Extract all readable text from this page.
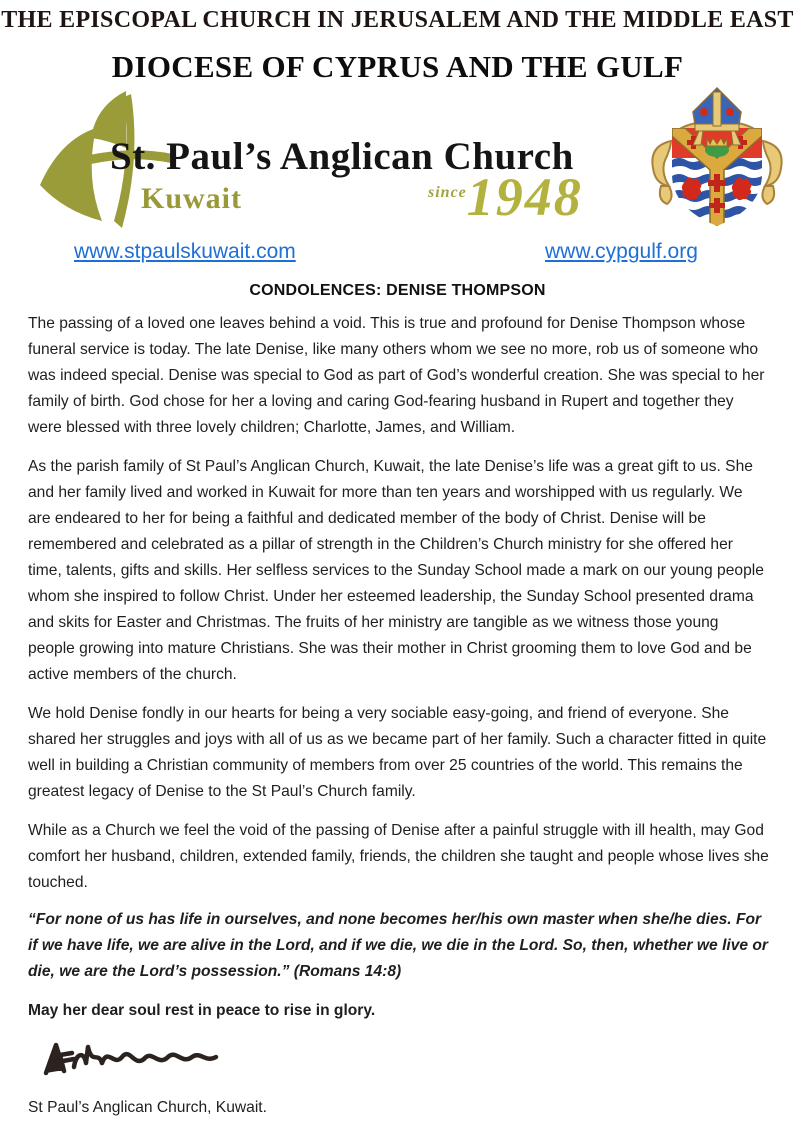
THE EPISCOPAL CHURCH IN JERUSALEM AND THE MIDDLE EAST
DIOCESE OF CYPRUS AND THE GULF
St. Paul’s Anglican Church
Kuwait	since1948
www.stpaulskuwait.com	www.cypgulf.org
CONDOLENCES: DENISE THOMPSON

The passing of a loved one leaves behind a void. This is true and profound for Denise Thompson whose funeral service is today. The late Denise, like many others whom we see no more, rob us of someone who was indeed special. Denise was special to God as part of God’s wonderful creation. She was special to her family of birth. God chose for her a loving and caring God-fearing husband in Rupert and together they were blessed with three lovely children; Charlotte, James, and William.

As the parish family of St Paul’s Anglican Church, Kuwait, the late Denise’s life was a great gift to us. She and her family lived and worked in Kuwait for more than ten years and worshipped with us regularly. We are endeared to her for being a faithful and dedicated member of the body of Christ. Denise will be remembered and celebrated as a pillar of strength in the Children’s Church ministry for she offered her time, talents, gifts and skills. Her selfless services to the Sunday School made a mark on our young people whom she inspired to follow Christ. Under her esteemed leadership, the Sunday School presented drama and skits for Easter and Christmas. The fruits of her ministry are tangible as we witness those young people growing into mature Christians. She was their mother in Christ grooming them to love God and be active members of the church.

We hold Denise fondly in our hearts for being a very sociable easy-going, and friend of everyone. She shared her struggles and joys with all of us as we became part of her family. Such a character fitted in quite well in building a Christian community of members from over 25 countries of the world. This remains the greatest legacy of Denise to the St Paul’s Church family.

While as a Church we feel the void of the passing of Denise after a painful struggle with ill health, may God comfort her husband, children, extended family, friends, the children she taught and people whose lives she touched.

“For none of us has life in ourselves, and none becomes her/his own master when she/he dies. For if we have life, we are alive in the Lord, and if we die, we die in the Lord. So, then, whether we live or die, we are the Lord’s possession.” (Romans 14:8)

May her dear soul rest in peace to rise in glory.

St Paul’s Anglican Church, Kuwait.
